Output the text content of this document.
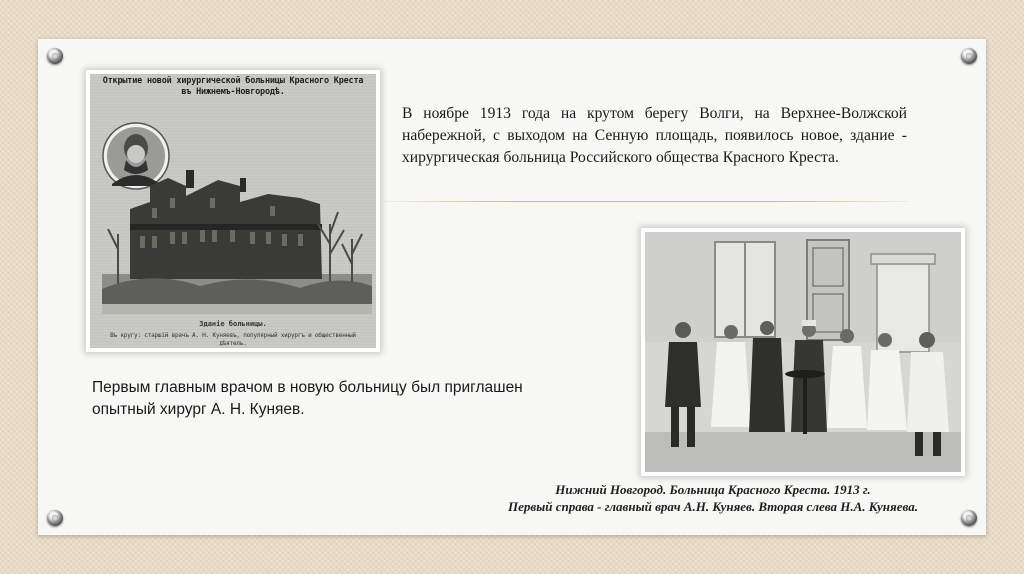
Открытие новой хирургической больницы Красного Креста
въ Нижнемъ-Новгородѣ.
Зданiе больницы.
Въ кругу: старшiй врачъ А. Н. Куняевъ, популярный хирургъ и общественный дѣятель.
В ноябре 1913 года на крутом берегу Волги, на Верхнее-Волжской набережной, с выходом на Сенную площадь, появилось новое, здание - хирургическая больница Российского общества Красного Креста.
Первым главным врачом в новую больницу был приглашен
опытный хирург А. Н. Куняев.
Нижний Новгород. Больница Красного Креста. 1913 г.
Первый справа - главный врач А.Н. Куняев. Вторая слева Н.А. Куняева.
